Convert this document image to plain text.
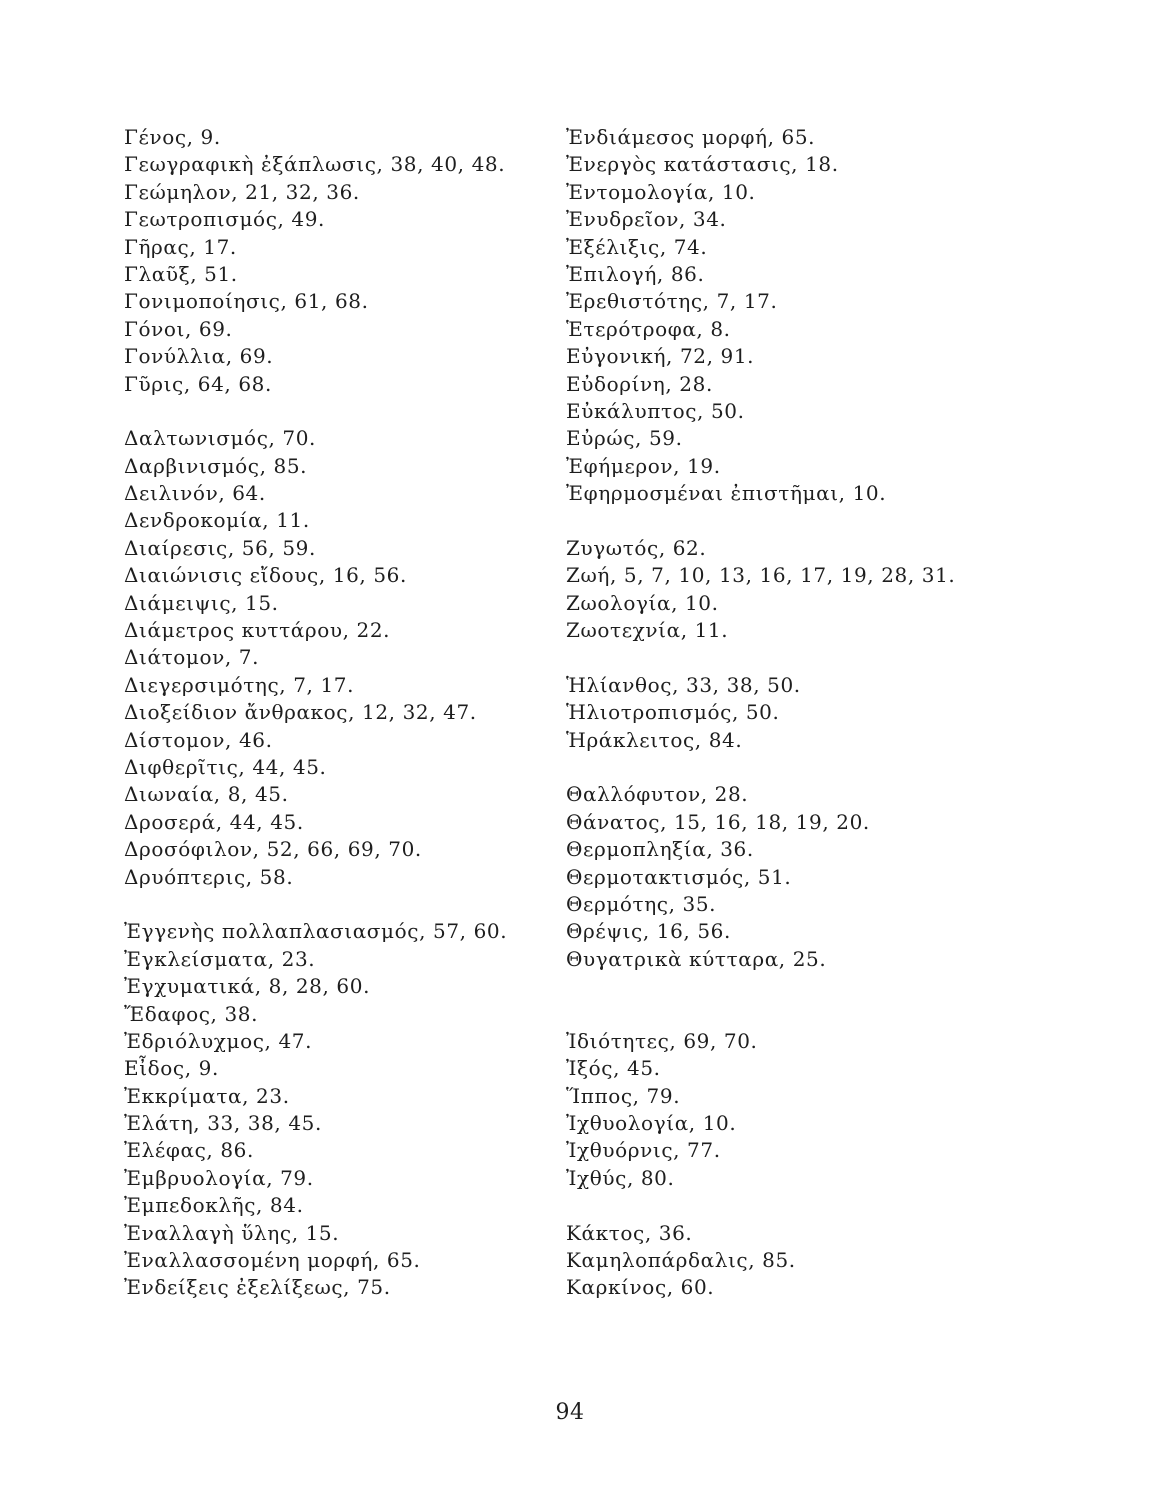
Γένος, 9.
Γεωγραφικὴ ἐξάπλωσις, 38, 40, 48.
Γεώμηλον, 21, 32, 36.
Γεωτροπισμός, 49.
Γῆρας, 17.
Γλαῦξ, 51.
Γονιμοποίησις, 61, 68.
Γόνοι, 69.
Γονύλλια, 69.
Γῦρις, 64, 68.
Δαλτωνισμός, 70.
Δαρβινισμός, 85.
Δειλινόν, 64.
Δενδροκομία, 11.
Διαίρεσις, 56, 59.
Διαιώνισις εἴδους, 16, 56.
Διάμειψις, 15.
Διάμετρος κυττάρου, 22.
Διάτομον, 7.
Διεγερσιμότης, 7, 17.
Διοξείδιον ἄνθρακος, 12, 32, 47.
Δίστομον, 46.
Διφθερῖτις, 44, 45.
Διωναία, 8, 45.
Δροσερά, 44, 45.
Δροσόφιλον, 52, 66, 69, 70.
Δρυόπτερις, 58.
Ἐγγενὴς πολλαπλασιασμός, 57, 60.
Ἐγκλείσματα, 23.
Ἐγχυματικά, 8, 28, 60.
Ἔδαφος, 38.
Ἐδριόλυχμος, 47.
Εἶδος, 9.
Ἐκκρίματα, 23.
Ἐλάτη, 33, 38, 45.
Ἐλέφας, 86.
Ἐμβρυολογία, 79.
Ἐμπεδοκλῆς, 84.
Ἐναλλαγὴ ὕλης, 15.
Ἐναλλασσομένη μορφή, 65.
Ἐνδείξεις ἐξελίξεως, 75.
Ἐνδιάμεσος μορφή, 65.
Ἐνεργὸς κατάστασις, 18.
Ἐντομολογία, 10.
Ἐνυδρεῖον, 34.
Ἐξέλιξις, 74.
Ἐπιλογή, 86.
Ἐρεθιστότης, 7, 17.
Ἑτερότροφα, 8.
Εὐγονική, 72, 91.
Εὐδορίνη, 28.
Εὐκάλυπτος, 50.
Εὐρώς, 59.
Ἐφήμερον, 19.
Ἐφηρμοσμέναι ἐπιστῆμαι, 10.
Ζυγωτός, 62.
Ζωή, 5, 7, 10, 13, 16, 17, 19, 28, 31.
Ζωολογία, 10.
Ζωοτεχνία, 11.
Ἡλίανθος, 33, 38, 50.
Ἡλιοτροπισμός, 50.
Ἡράκλειτος, 84.
Θαλλόφυτον, 28.
Θάνατος, 15, 16, 18, 19, 20.
Θερμοπληξία, 36.
Θερμοτακτισμός, 51.
Θερμότης, 35.
Θρέψις, 16, 56.
Θυγατρικὰ κύτταρα, 25.
Ἰδιότητες, 69, 70.
Ἰξός, 45.
Ἵππος, 79.
Ἰχθυολογία, 10.
Ἰχθυόρνις, 77.
Ἰχθύς, 80.
Κάκτος, 36.
Καμηλοπάρδαλις, 85.
Καρκίνος, 60.
94
